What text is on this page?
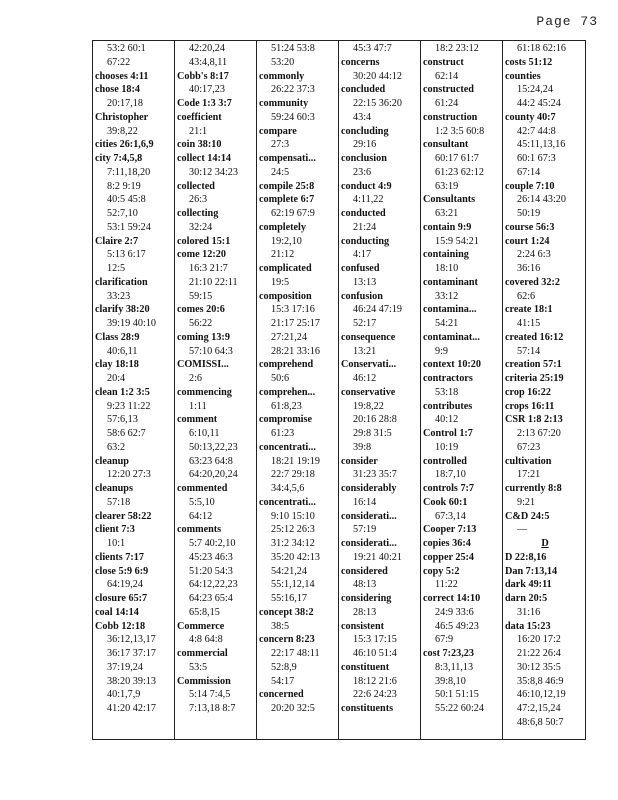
Page 73
53:2 60:1
67:22
chooses 4:11
chose 18:4
20:17,18
Christopher
39:8,22
cities 26:1,6,9
city 7:4,5,8
7:11,18,20
8:2 9:19
40:5 45:8
52:7,10
53:1 59:24
Claire 2:7
5:13 6:17
12:5
clarification
33:23
clarify 38:20
39:19 40:10
Class 28:9
40:6,11
clay 18:18
20:4
clean 1:2 3:5
9:23 11:22
57:6,13
58:6 62:7
63:2
cleanup
12:20 27:3
cleanups
57:18
clearer 58:22
client 7:3
10:1
clients 7:17
close 5:9 6:9
64:19,24
closure 65:7
coal 14:14
Cobb 12:18
36:12,13,17
36:17 37:17
37:19,24
38:20 39:13
40:1,7,9
41:20 42:17
42:20,24
43:4,8,11
Cobb's 8:17
40:17,23
Code 1:3 3:7
coefficient
21:1
coin 38:10
collect 14:14
30:12 34:23
collected
26:3
collecting
32:24
colored 15:1
come 12:20
16:3 21:7
21:10 22:11
59:15
comes 20:6
56:22
coming 13:9
57:10 64:3
COMISSI...
2:6
commencing
1:11
comment
6:10,11
50:13,22,23
63:23 64:8
64:20,20,24
commented
5:5,10
64:12
comments
5:7 40:2,10
45:23 46:3
51:20 54:3
64:12,22,23
64:23 65:4
65:8,15
Commerce
4:8 64:8
commercial
53:5
Commission
5:14 7:4,5
7:13,18 8:7
51:24 53:8
53:20
commonly
26:22 37:3
community
59:24 60:3
compare
27:3
compensati...
24:5
compile 25:8
complete 6:7
62:19 67:9
completely
19:2,10
21:12
complicated
19:5
composition
15:3 17:16
21:17 25:17
27:21,24
28:21 33:16
comprehend
50:6
comprehen...
61:8,23
compromise
61:23
concentrati...
18:21 19:19
22:7 29:18
34:4,5,6
concentrati...
9:10 15:10
25:12 26:3
31:2 34:12
35:20 42:13
54:21,24
55:1,12,14
55:16,17
concept 38:2
38:5
concern 8:23
22:17 48:11
52:8,9
54:17
concerned
20:20 32:5
45:3 47:7
concerns
30:20 44:12
concluded
22:15 36:20
43:4
concluding
29:16
conclusion
23:6
conduct 4:9
4:11,22
conducted
21:24
conducting
4:17
confused
13:13
confusion
46:24 47:19
52:17
consequence
13:21
Conservati...
46:12
conservative
19:8,22
20:16 28:8
29:8 31:5
39:8
consider
31:23 35:7
considerably
16:14
considerati...
57:19
considerati...
19:21 40:21
considered
48:13
considering
28:13
consistent
15:3 17:15
46:10 51:4
constituent
18:12 21:6
22:6 24:23
constituents
18:2 23:12
construct
62:14
constructed
61:24
construction
1:2 3:5 60:8
consultant
60:17 61:7
61:23 62:12
63:19
Consultants
63:21
contain 9:9
15:9 54:21
containing
18:10
contaminant
33:12
contamina...
54:21
contaminat...
9:9
context 10:20
contractors
53:18
contributes
40:12
Control 1:7
10:19
controlled
18:7,10
controls 7:7
Cook 60:1
67:3,14
Cooper 7:13
copies 36:4
copper 25:4
copy 5:2
11:22
correct 14:10
24:9 33:6
46:5 49:23
67:9
cost 7:23,23
8:3,11,13
39:8,10
50:1 51:15
55:22 60:24
61:18 62:16
costs 51:12
counties
15:24,24
44:2 45:24
county 40:7
42:7 44:8
45:11,13,16
60:1 67:3
67:14
couple 7:10
26:14 43:20
50:19
course 56:3
court 1:24
2:24 6:3
36:16
covered 32:2
62:6
create 18:1
41:15
created 16:12
57:14
creation 57:1
criteria 25:19
crop 16:22
crops 16:11
CSR 1:8 2:13
2:13 67:20
67:23
cultivation
17:21
currently 8:8
9:21
C&D 24:5
—
D
D 22:8,16
Dan 7:13,14
dark 49:11
darn 20:5
31:16
data 15:23
16:20 17:2
21:22 26:4
30:12 35:5
35:8,8 46:9
46:10,12,19
47:2,15,24
48:6,8 50:7
